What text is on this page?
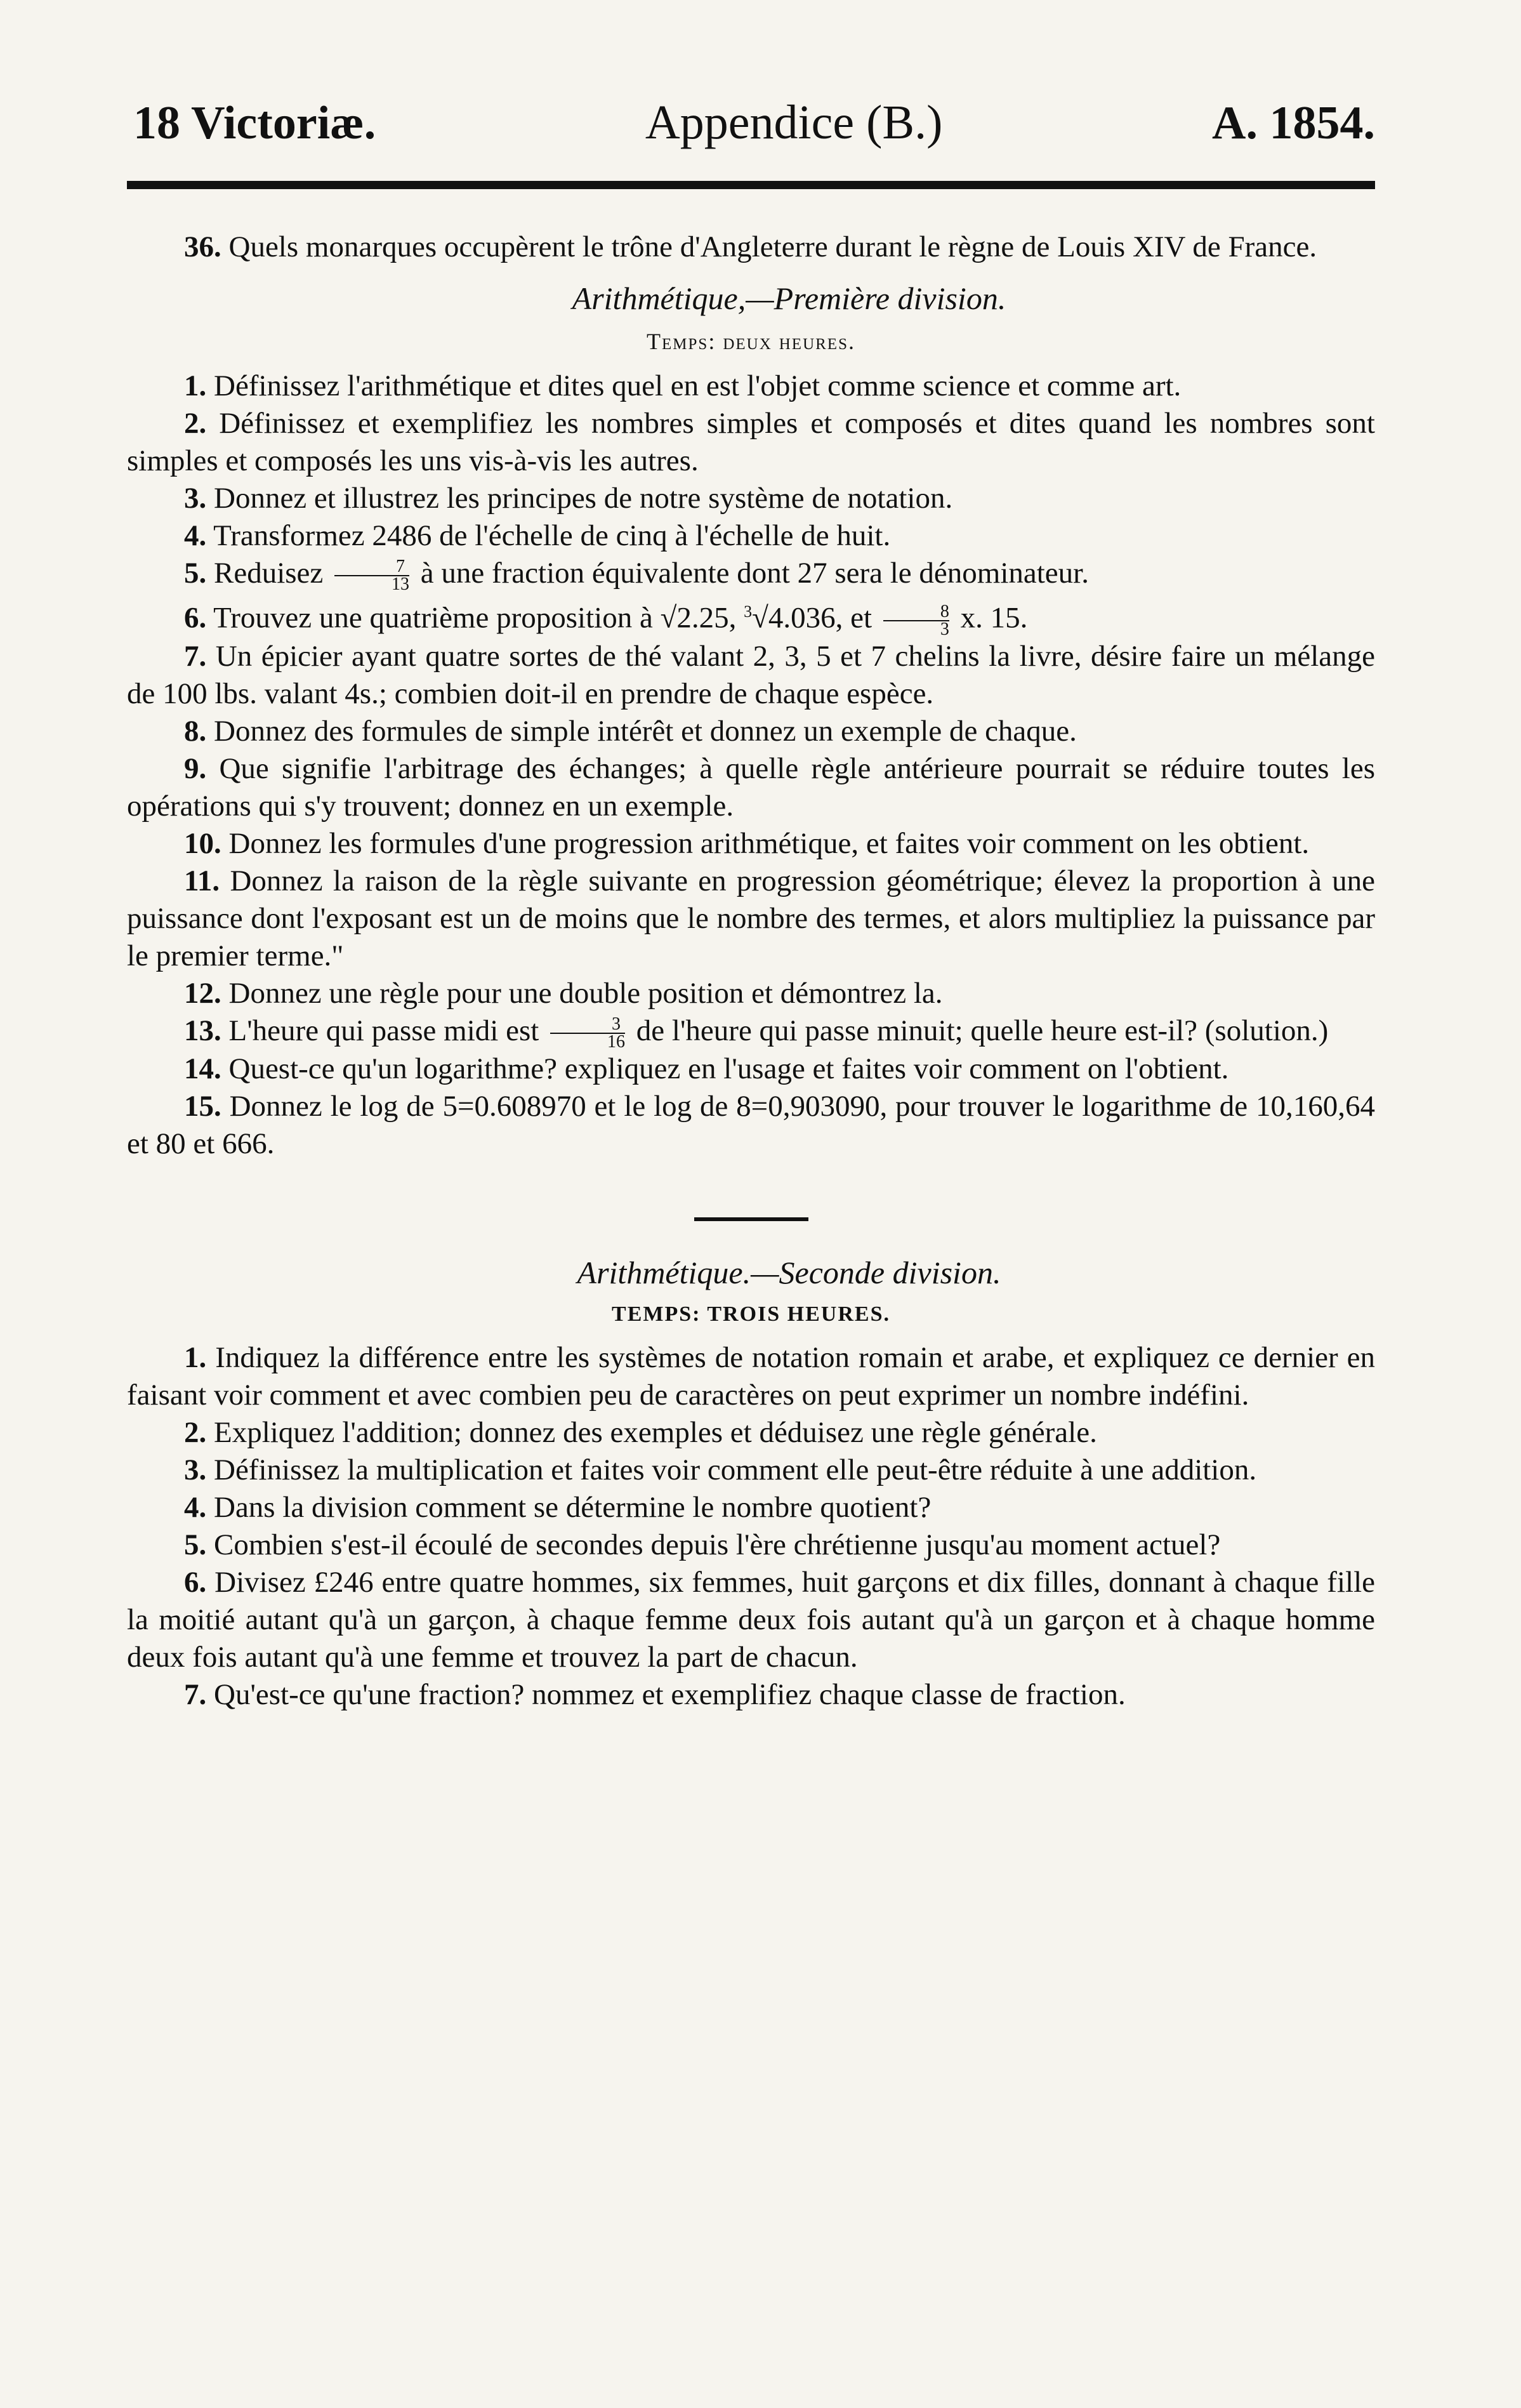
18 Victoriæ.	Appendice (B.)	A. 1854.

36. Quels monarques occupèrent le trône d'Angleterre durant le règne de Louis XIV de France.

Arithmétique,—Première division.
Temps: deux heures.

1. Définissez l'arithmétique et dites quel en est l'objet comme science et comme art.

2. Définissez et exemplifiez les nombres simples et composés et dites quand les nombres sont simples et composés les uns vis-à-vis les autres.

3. Donnez et illustrez les principes de notre système de notation.

4. Transformez 2486 de l'échelle de cinq à l'échelle de huit.

5. Reduisez $\frac{7}{13}$ à une fraction équivalente dont 27 sera le dénominateur.

6. Trouvez une quatrième proposition à √2.25, $^3$√4.036, et $\frac{8}{3} x$. 15.

7. Un épicier ayant quatre sortes de thé valant 2, 3, 5 et 7 chelins la livre, désire faire un mélange de 100 lbs. valant 4s.; combien doit-il en prendre de chaque espèce.

8. Donnez des formules de simple intérêt et donnez un exemple de chaque.

9. Que signifie l'arbitrage des échanges; à quelle règle antérieure pourrait se réduire toutes les opérations qui s'y trouvent; donnez en un exemple.

10. Donnez les formules d'une progression arithmétique, et faites voir comment on les obtient.

11. Donnez la raison de la règle suivante en progression géométrique; élevez la proportion à une puissance dont l'exposant est un de moins que le nombre des termes, et alors multipliez la puissance par le premier terme."

12. Donnez une règle pour une double position et démontrez la.

13. L'heure qui passe midi est $\frac{3}{16}$ de l'heure qui passe minuit; quelle heure est-il? (solution.)

14. Quest-ce qu'un logarithme? expliquez en l'usage et faites voir comment on l'obtient.

15. Donnez le log de 5=0.608970 et le log de 8=0,903090, pour trouver le logarithme de 10,160,64 et 80 et 666.

Arithmétique.—Seconde division.
TEMPS: TROIS HEURES.

1. Indiquez la différence entre les systèmes de notation romain et arabe, et expliquez ce dernier en faisant voir comment et avec combien peu de caractères on peut exprimer un nombre indéfini.

2. Expliquez l'addition; donnez des exemples et déduisez une règle générale.

3. Définissez la multiplication et faites voir comment elle peut-être réduite à une addition.

4. Dans la division comment se détermine le nombre quotient?

5. Combien s'est-il écoulé de secondes depuis l'ère chrétienne jusqu'au moment actuel?

6. Divisez £246 entre quatre hommes, six femmes, huit garçons et dix filles, donnant à chaque fille la moitié autant qu'à un garçon, à chaque femme deux fois autant qu'à un garçon et à chaque homme deux fois autant qu'à une femme et trouvez la part de chacun.

7. Qu'est-ce qu'une fraction? nommez et exemplifiez chaque classe de fraction.
